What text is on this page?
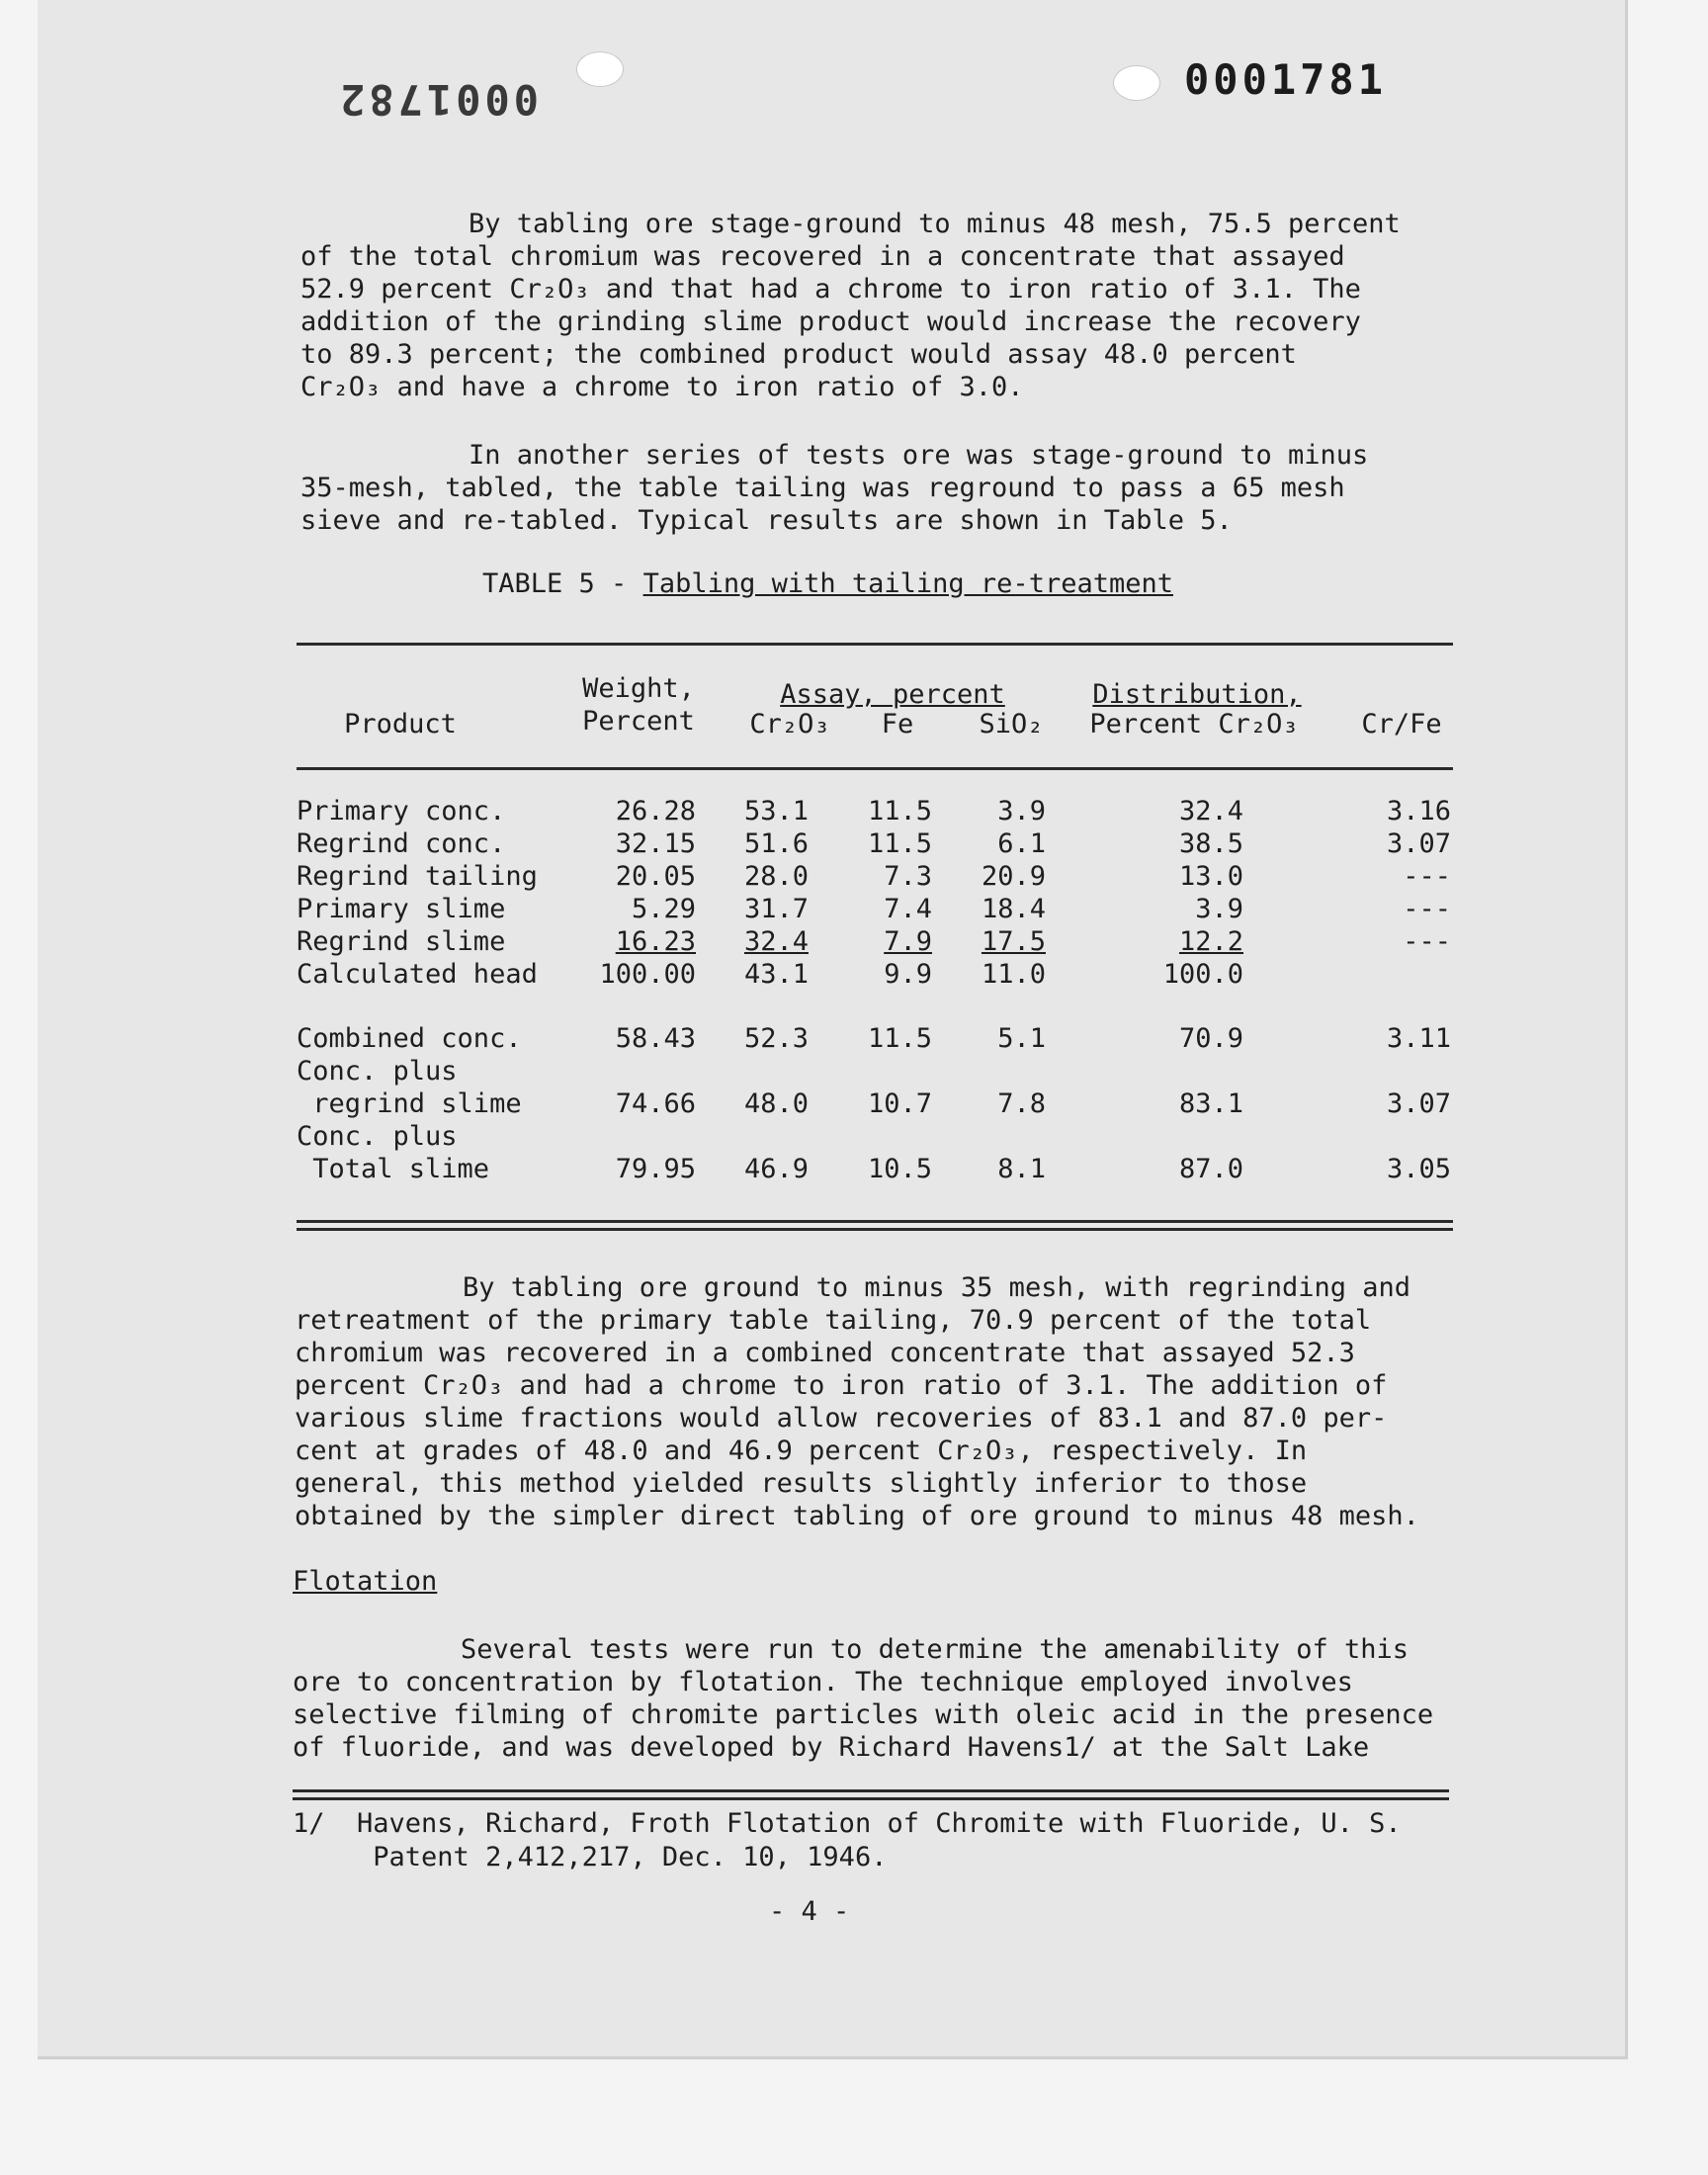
0001782	0001781
By tabling ore stage-ground to minus 48 mesh, 75.5 percent
of the total chromium was recovered in a concentrate that assayed
52.9 percent Cr₂O₃ and that had a chrome to iron ratio of 3.1. The
addition of the grinding slime product would increase the recovery
to 89.3 percent; the combined product would assay 48.0 percent
Cr₂O₃ and have a chrome to iron ratio of 3.0.
In another series of tests ore was stage-ground to minus
35-mesh, tabled, the table tailing was reground to pass a 65 mesh
sieve and re-tabled. Typical results are shown in Table 5.
TABLE 5 - Tabling with tailing re-treatment
Weight,
Percent
Assay, percent	Distribution,
Product	Cr₂O₃	Fe	SiO₂	Percent Cr₂O₃	Cr/Fe
Primary conc.	26.28	53.1	11.5	3.9	32.4	3.16
Regrind conc.	32.15	51.6	11.5	6.1	38.5	3.07
Regrind tailing	20.05	28.0	7.3 20.9	13.0	---
Primary slime	5.29	31.7	7.4 18.4	3.9	---
Regrind slime	16.23	32.4	7.9 17.5	12.2	---
Calculated head	100.00	43.1	9.9 11.0	100.0
Combined conc.	58.43	52.3	11.5	5.1	70.9	3.11
Conc. plus
regrind slime	74.66	48.0	10.7	7.8	83.1	3.07
Conc. plus
Total slime	79.95	46.9	10.5	8.1	87.0	3.05
By tabling ore ground to minus 35 mesh, with regrinding and
retreatment of the primary table tailing, 70.9 percent of the total
chromium was recovered in a combined concentrate that assayed 52.3
percent Cr₂O₃ and had a chrome to iron ratio of 3.1. The addition of
various slime fractions would allow recoveries of 83.1 and 87.0 per-
cent at grades of 48.0 and 46.9 percent Cr₂O₃, respectively. In
general, this method yielded results slightly inferior to those
obtained by the simpler direct tabling of ore ground to minus 48 mesh.
Flotation
Several tests were run to determine the amenability of this
ore to concentration by flotation. The technique employed involves
selective filming of chromite particles with oleic acid in the presence
of fluoride, and was developed by Richard Havens1/ at the Salt Lake
1/  Havens, Richard, Froth Flotation of Chromite with Fluoride, U. S.
Patent 2,412,217, Dec. 10, 1946.
- 4 -
